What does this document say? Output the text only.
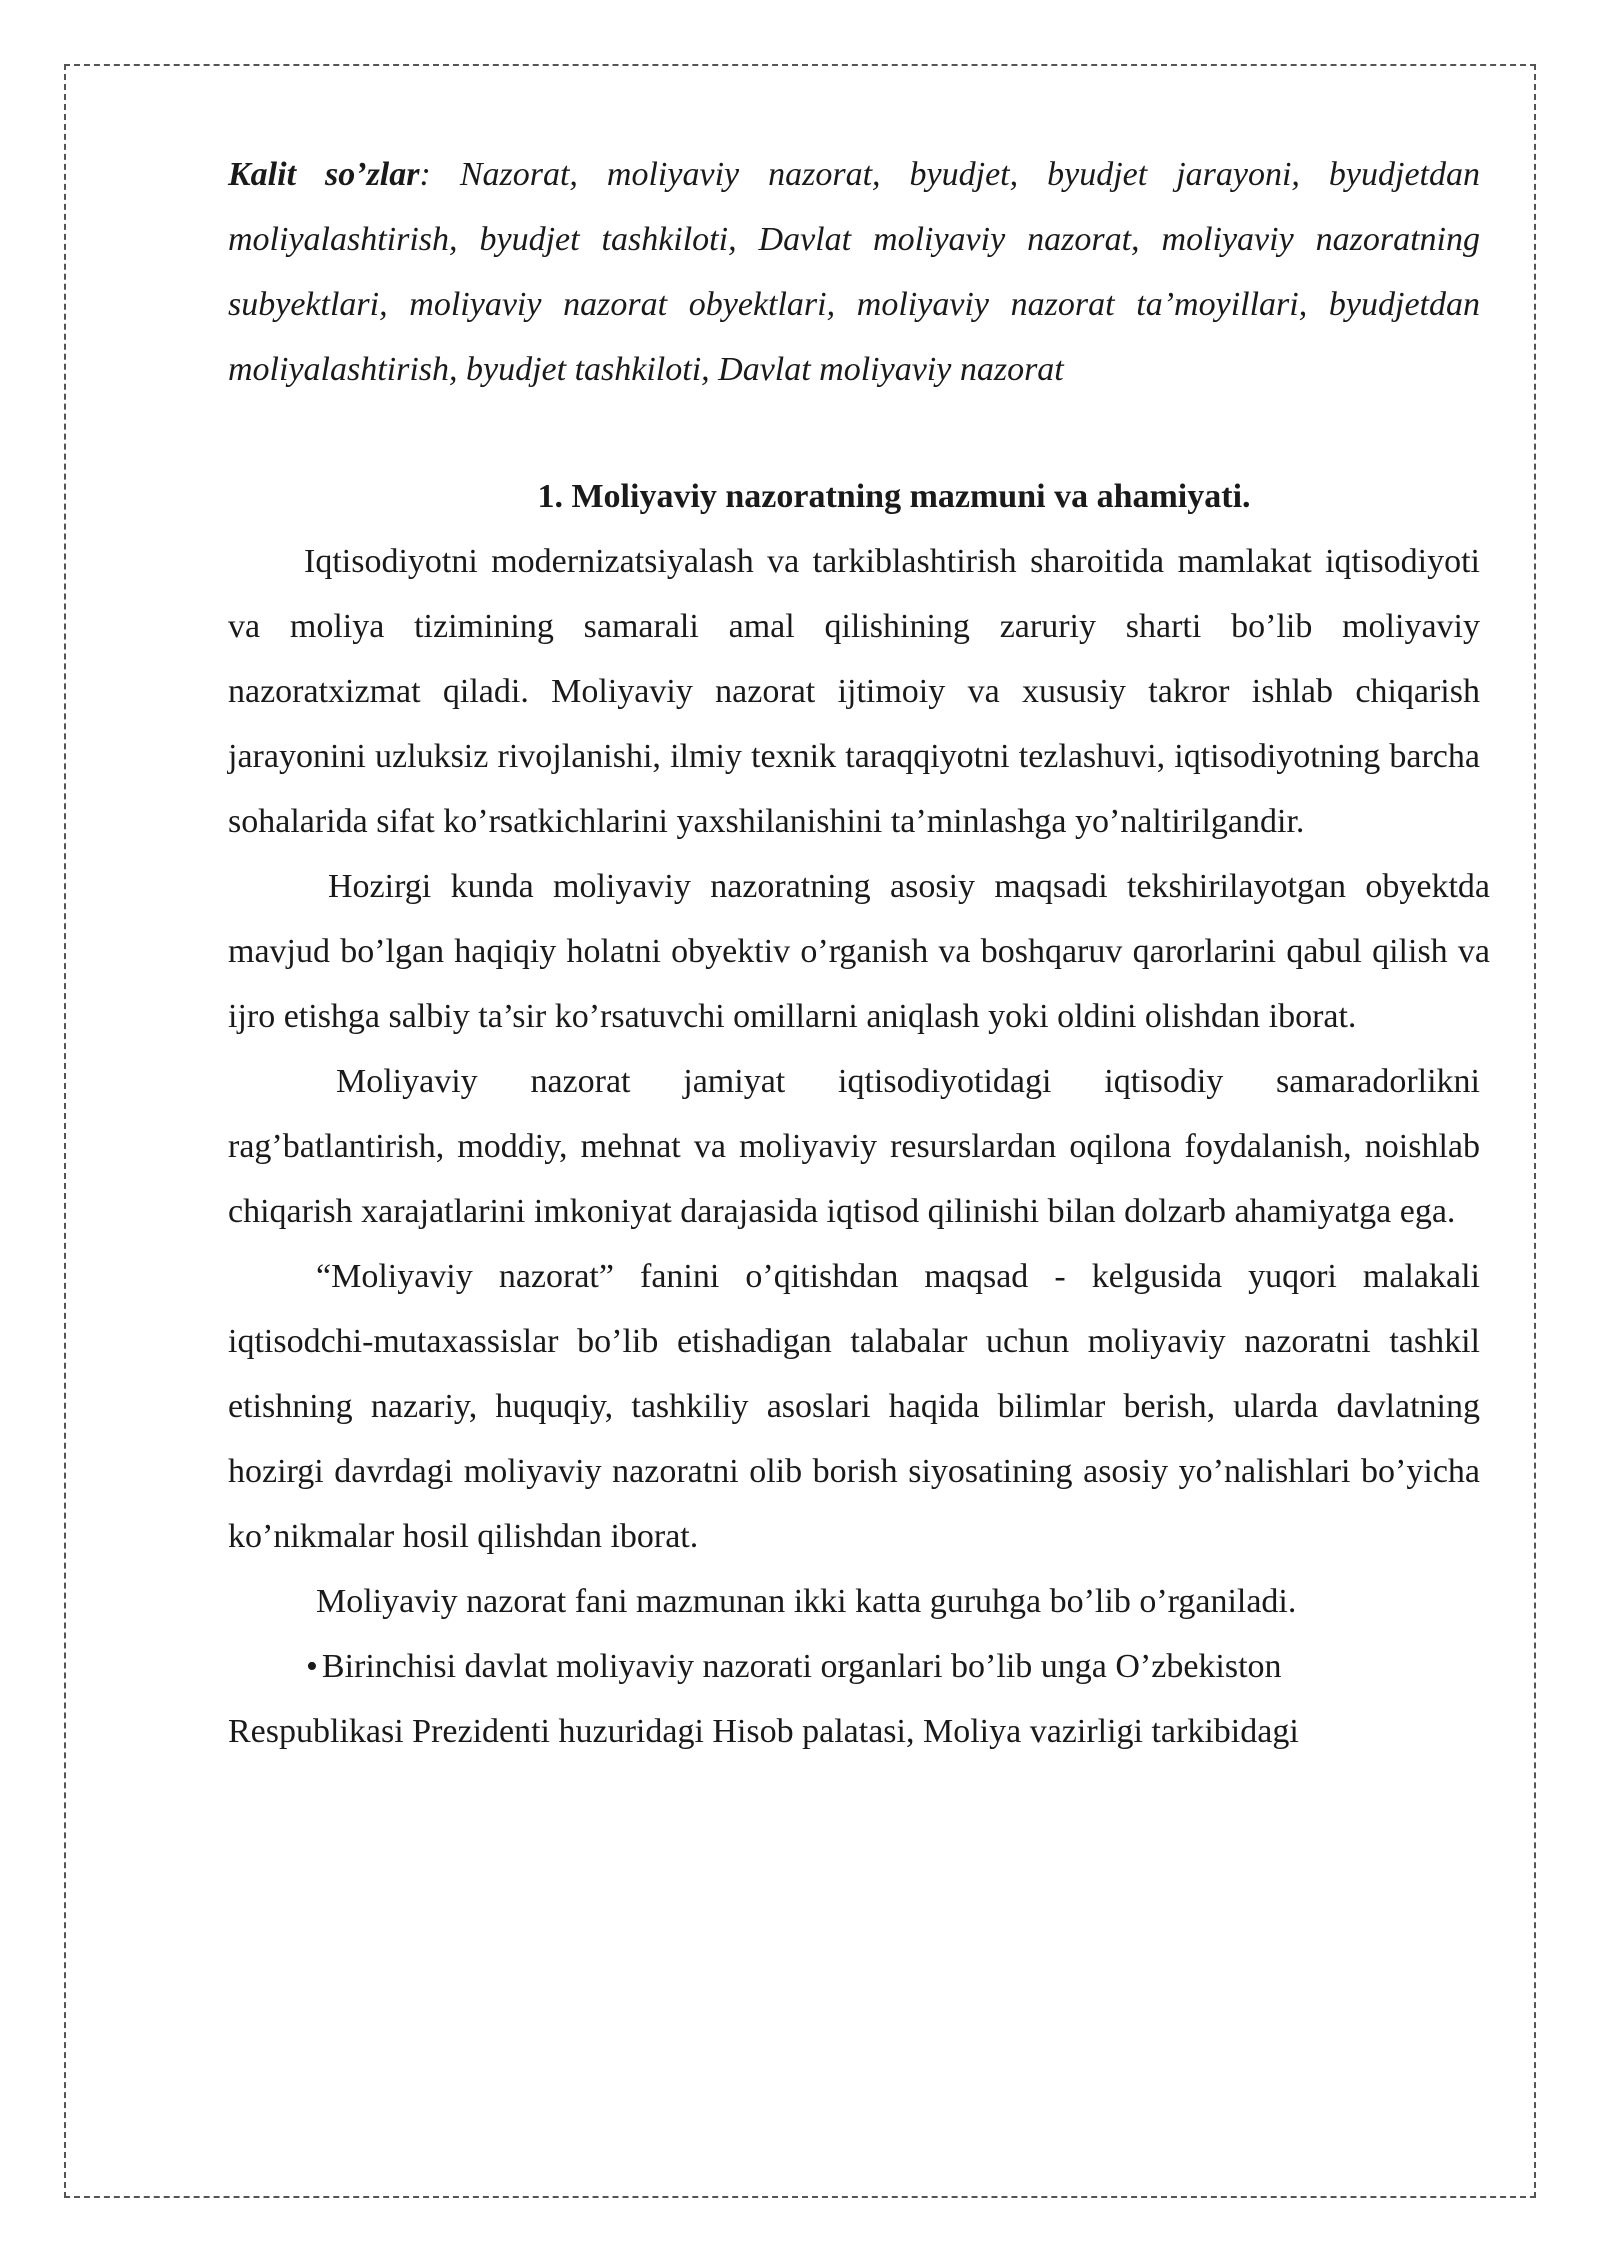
Kalit so’zlar: Nazorat, moliyaviy nazorat, byudjet, byudjet jarayoni, byudjetdan moliyalashtirish, byudjet tashkiloti, Davlat moliyaviy nazorat, moliyaviy nazoratning subyektlari, moliyaviy nazorat obyektlari, moliyaviy nazorat ta’moyillari, byudjetdan moliyalashtirish, byudjet tashkiloti, Davlat moliyaviy nazorat

1. Moliyaviy nazoratning mazmuni va ahamiyati.

Iqtisodiyotni modernizatsiyalash va tarkiblashtirish sharoitida mamlakat iqtisodiyoti va moliya tizimining samarali amal qilishining zaruriy sharti bo’lib moliyaviy nazoratxizmat qiladi. Moliyaviy nazorat ijtimoiy va xususiy takror ishlab chiqarish jarayonini uzluksiz rivojlanishi, ilmiy texnik taraqqiyotni tezlashuvi, iqtisodiyotning barcha sohalarida sifat ko’rsatkichlarini yaxshilanishini ta’minlashga yo’naltirilgandir.

Hozirgi kunda moliyaviy nazoratning asosiy maqsadi tekshirilayotgan obyektda mavjud bo’lgan haqiqiy holatni obyektiv o’rganish va boshqaruv qarorlarini qabul qilish va ijro etishga salbiy ta’sir ko’rsatuvchi omillarni aniqlash yoki oldini olishdan iborat.

Moliyaviy nazorat jamiyat iqtisodiyotidagi iqtisodiy samaradorlikni rag’batlantirish, moddiy, mehnat va moliyaviy resurslardan oqilona foydalanish, noishlab chiqarish xarajatlarini imkoniyat darajasida iqtisod qilinishi bilan dolzarb ahamiyatga ega.

“Moliyaviy nazorat” fanini o’qitishdan maqsad - kelgusida yuqori malakali iqtisodchi-mutaxassislar bo’lib etishadigan talabalar uchun moliyaviy nazoratni tashkil etishning nazariy, huquqiy, tashkiliy asoslari haqida bilimlar berish, ularda davlatning hozirgi davrdagi moliyaviy nazoratni olib borish siyosatining asosiy yo’nalishlari bo’yicha ko’nikmalar hosil qilishdan iborat.

Moliyaviy nazorat fani mazmunan ikki katta guruhga bo’lib o’rganiladi.

• Birinchisi davlat moliyaviy nazorati organlari bo’lib unga O’zbekiston

Respublikasi Prezidenti huzuridagi Hisob palatasi, Moliya vazirligi tarkibidagi
